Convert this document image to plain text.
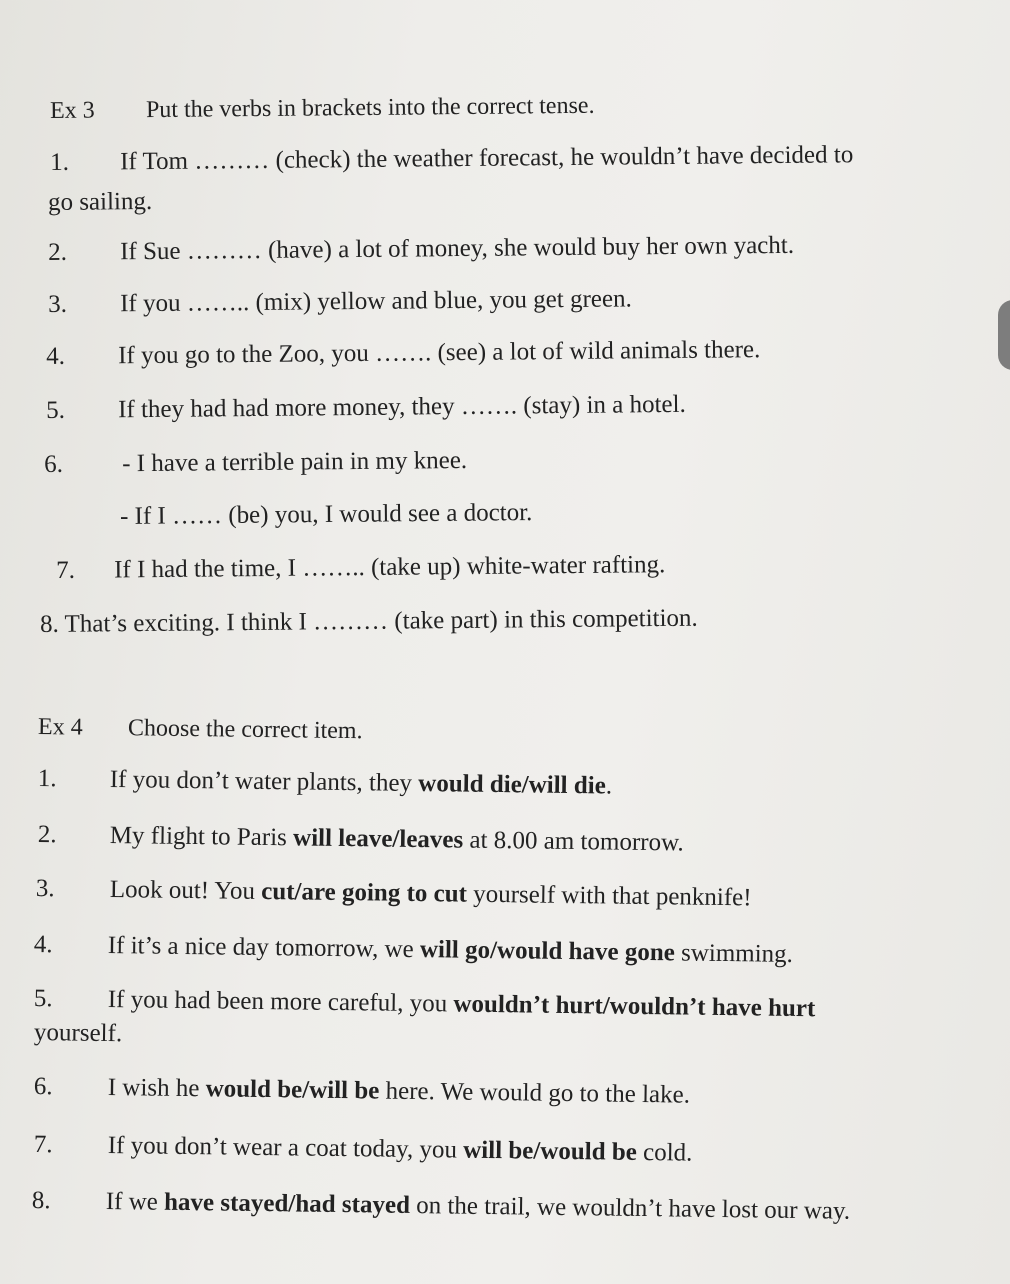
Ex 3 Put the verbs in brackets into the correct tense.
1. If Tom ……… (check) the weather forecast, he wouldn’t have decided to
go sailing.
2. If Sue ……… (have) a lot of money, she would buy her own yacht.
3. If you …….. (mix) yellow and blue, you get green.
4. If you go to the Zoo, you ……. (see) a lot of wild animals there.
5. If they had had more money, they ……. (stay) in a hotel.
6. - I have a terrible pain in my knee.
- If I …… (be) you, I would see a doctor.
7. If I had the time, I …….. (take up) white-water rafting.
8. That’s exciting. I think I ……… (take part) in this competition.
Ex 4 Choose the correct item.
1. If you don’t water plants, they would die/will die.
2. My flight to Paris will leave/leaves at 8.00 am tomorrow.
3. Look out! You cut/are going to cut yourself with that penknife!
4. If it’s a nice day tomorrow, we will go/would have gone swimming.
5. If you had been more careful, you wouldn’t hurt/wouldn’t have hurt
yourself.
6. I wish he would be/will be here. We would go to the lake.
7. If you don’t wear a coat today, you will be/would be cold.
8. If we have stayed/had stayed on the trail, we wouldn’t have lost our way.
